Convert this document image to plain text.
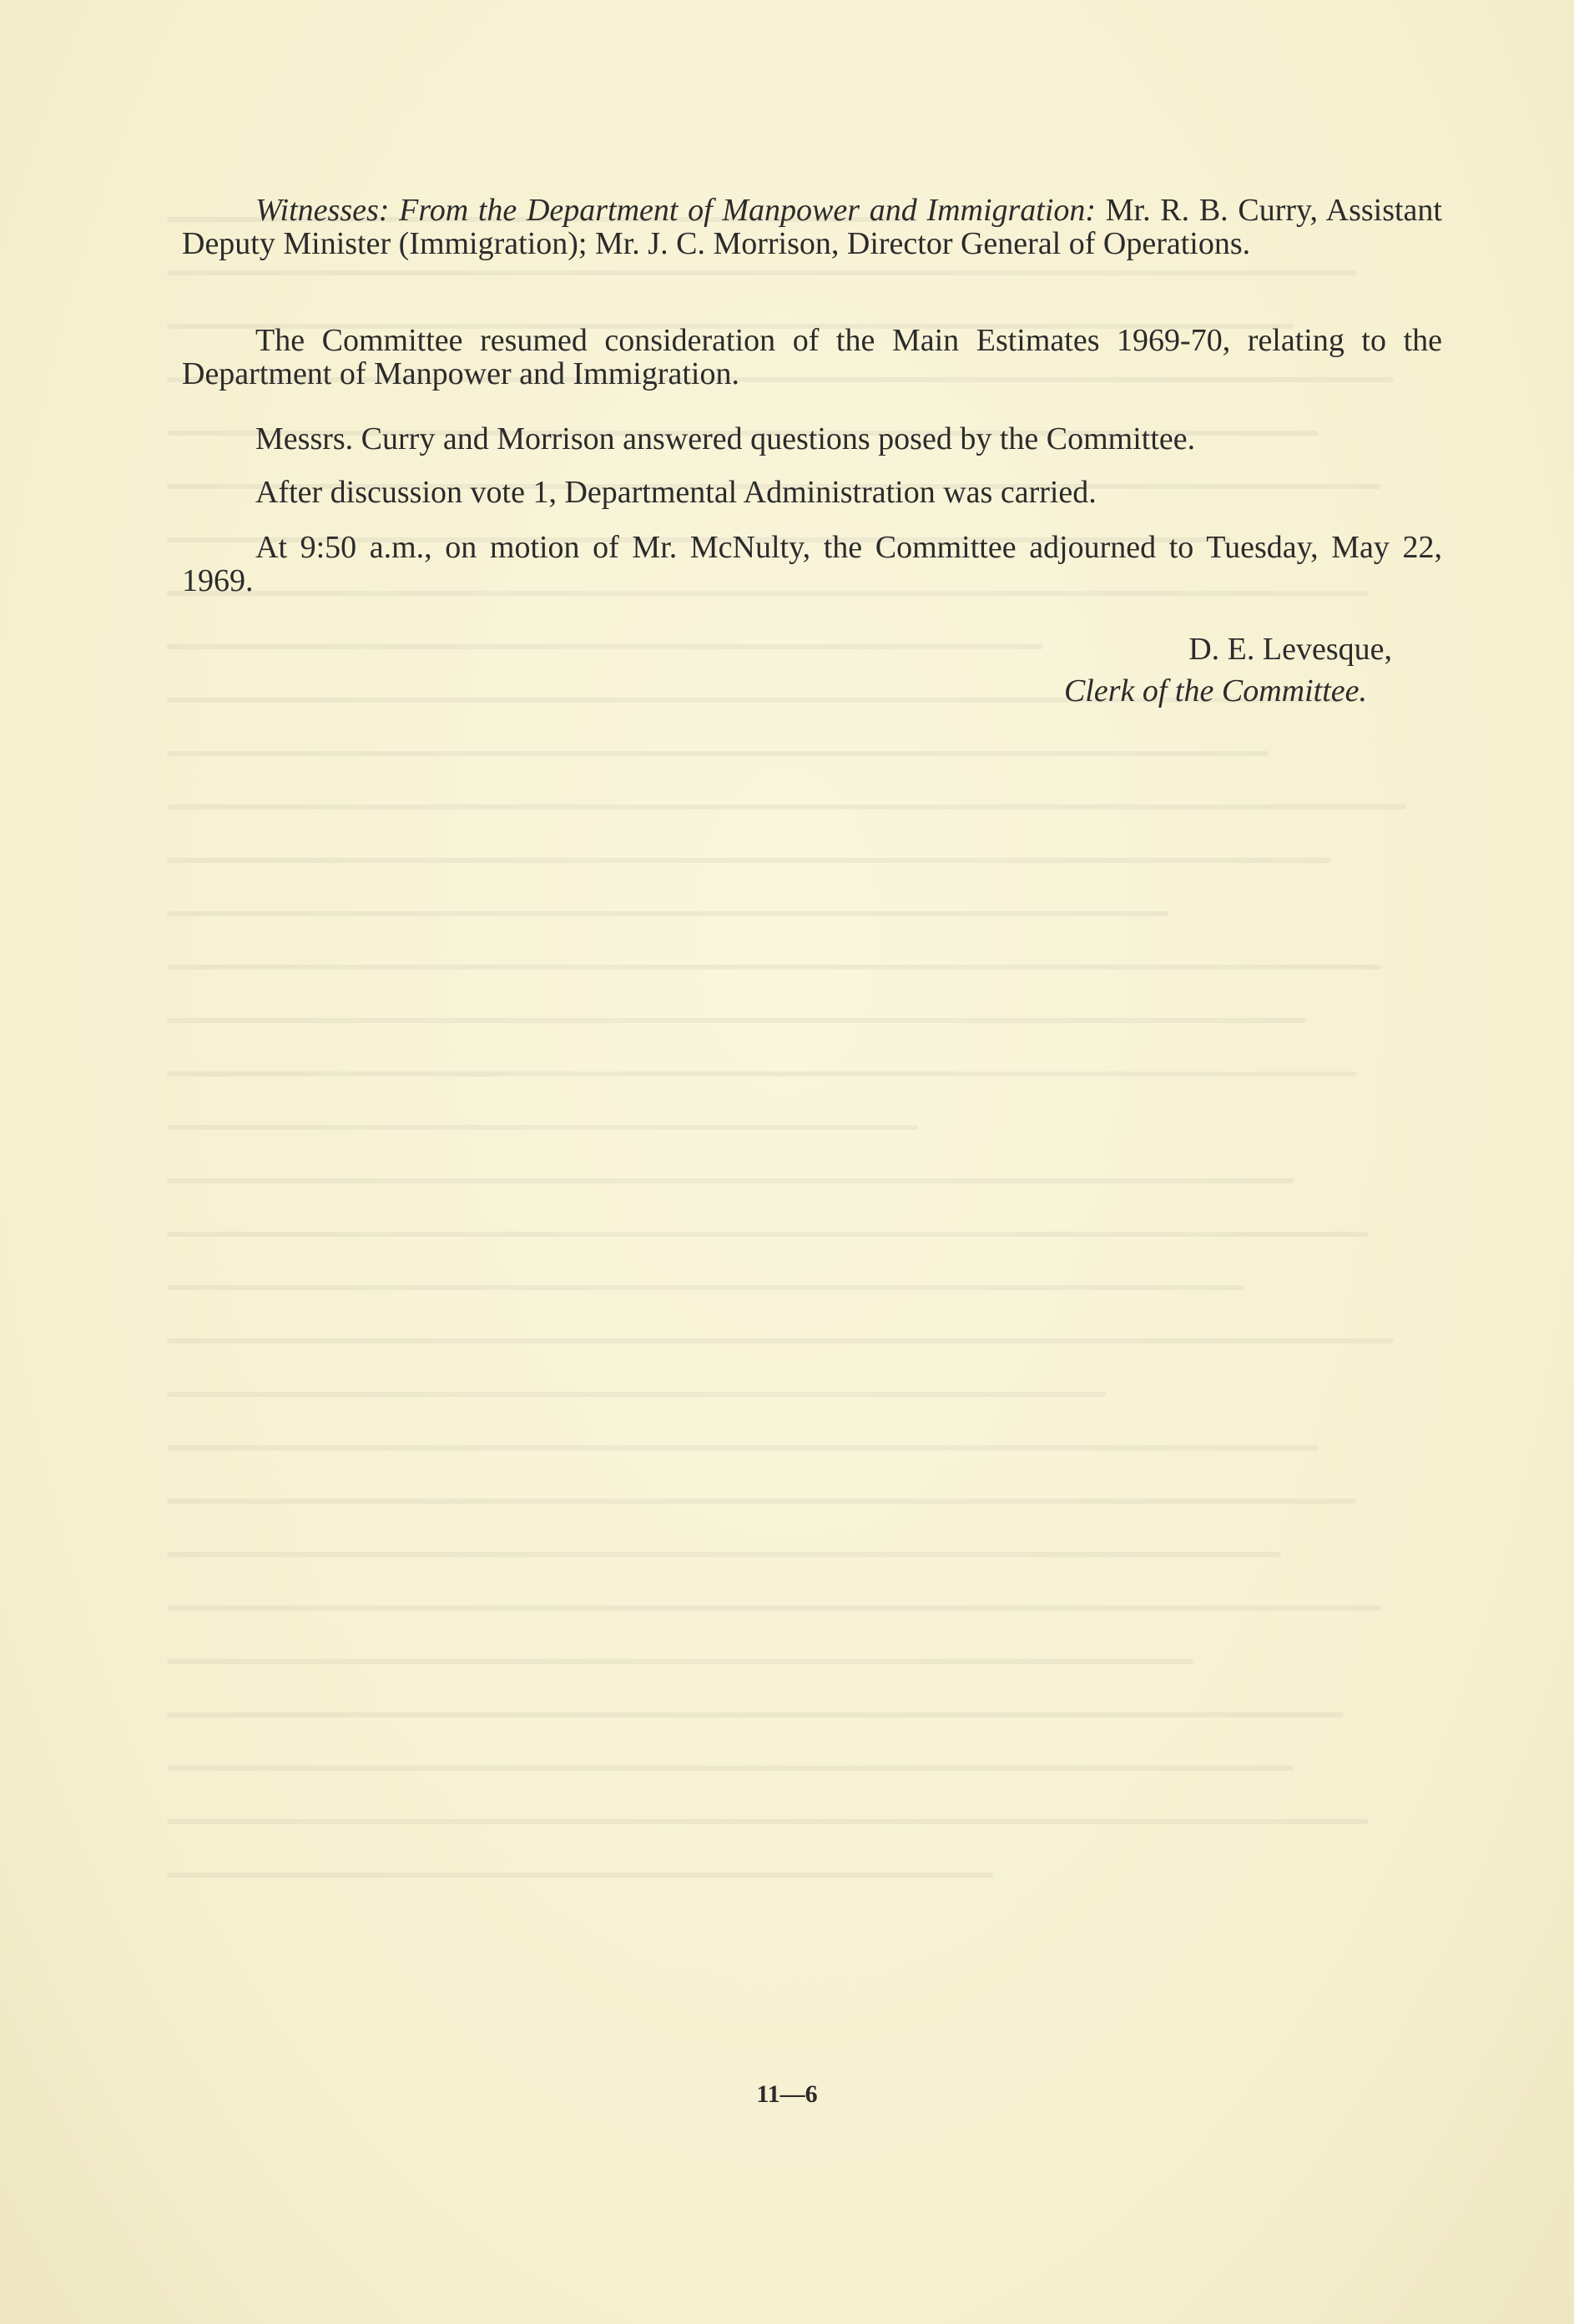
Witnesses: From the Department of Manpower and Immigration: Mr. R. B. Curry, Assistant Deputy Minister (Immigration); Mr. J. C. Morrison, Director General of Operations.

The Committee resumed consideration of the Main Estimates 1969-70, relating to the Department of Manpower and Immigration.

Messrs. Curry and Morrison answered questions posed by the Committee.

After discussion vote 1, Departmental Administration was carried.

At 9:50 a.m., on motion of Mr. McNulty, the Committee adjourned to Tuesday, May 22, 1969.

D. E. Levesque,
Clerk of the Committee.
11—6
